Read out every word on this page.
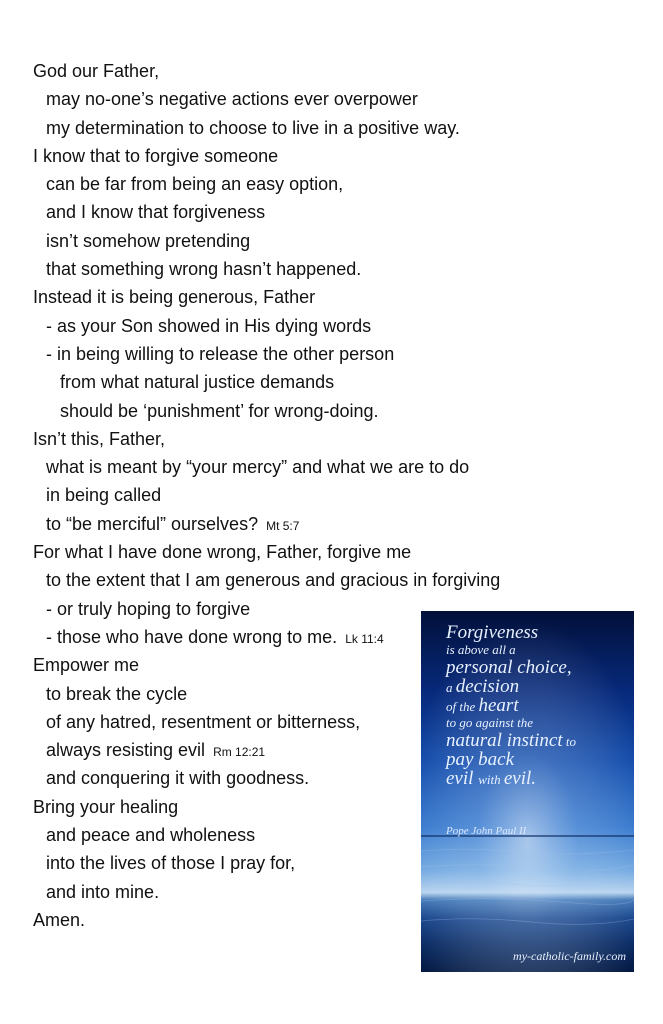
God our Father,
may no-one’s negative actions ever overpower
my determination to choose to live in a positive way.
I know that to forgive someone
can be far from being an easy option,
and I know that forgiveness
isn’t somehow pretending
that something wrong hasn’t happened.
Instead it is being generous, Father
- as your Son showed in His dying words
- in being willing to release the other person
from what natural justice demands
should be ‘punishment’ for wrong-doing.
Isn’t this, Father,
what is meant by “your mercy” and what we are to do
in being called
to “be merciful” ourselves? Mt 5:7
For what I have done wrong, Father, forgive me
to the extent that I am generous and gracious in forgiving
- or truly hoping to forgive
- those who have done wrong to me. Lk 11:4
Empower me
to break the cycle
of any hatred, resentment or bitterness,
always resisting evil Rm 12:21
and conquering it with goodness.
Bring your healing
and peace and wholeness
into the lives of those I pray for,
and into mine.
Amen.
Forgiveness
is above all a
personal choice,
a decision
of the heart
to go against the
natural instinct to
pay back
evil with evil.
Pope John Paul II
my-catholic-family.com
